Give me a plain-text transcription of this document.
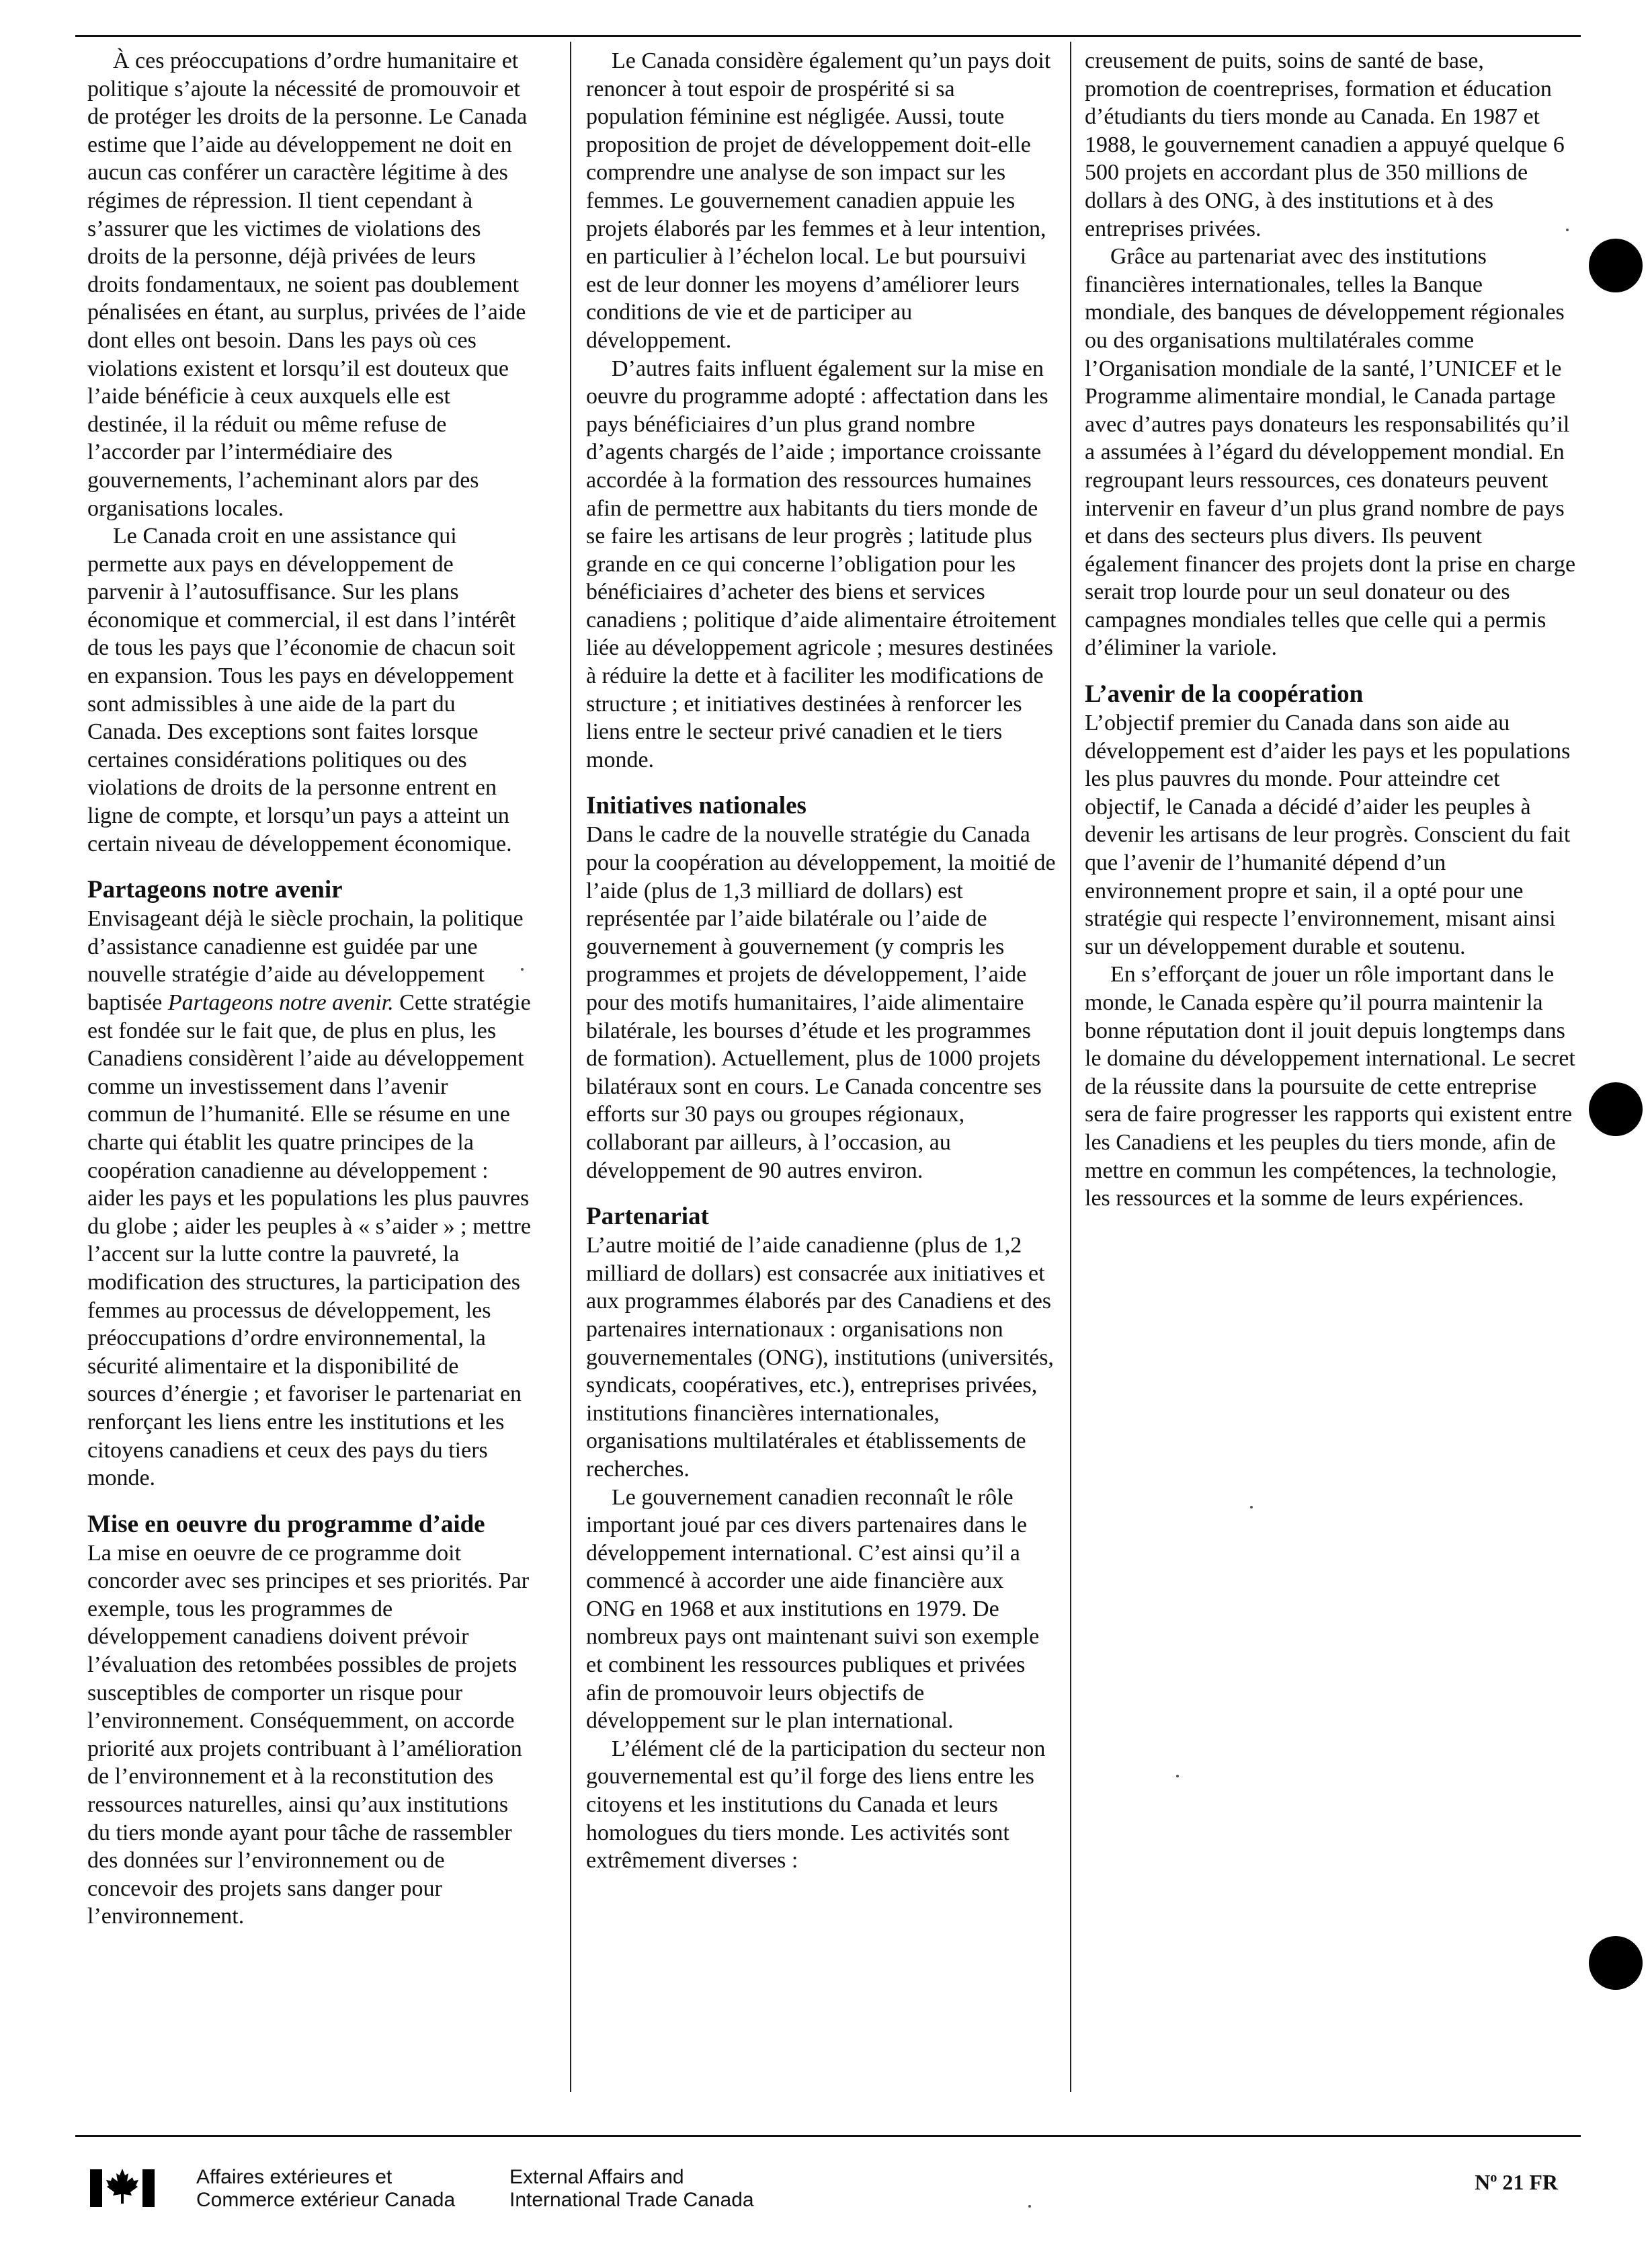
À ces préoccupations d’ordre humanitaire et politique s’ajoute la nécessité de promouvoir et de protéger les droits de la personne. Le Canada estime que l’aide au développement ne doit en aucun cas conférer un caractère légitime à des régimes de répression. Il tient cependant à s’assurer que les victimes de violations des droits de la personne, déjà privées de leurs droits fondamentaux, ne soient pas doublement pénalisées en étant, au surplus, privées de l’aide dont elles ont besoin. Dans les pays où ces violations existent et lorsqu’il est douteux que l’aide bénéficie à ceux auxquels elle est destinée, il la réduit ou même refuse de l’accorder par l’intermédiaire des gouvernements, l’acheminant alors par des organisations locales.

Le Canada croit en une assistance qui permette aux pays en développement de parvenir à l’autosuffisance. Sur les plans économique et commercial, il est dans l’intérêt de tous les pays que l’économie de chacun soit en expansion. Tous les pays en développement sont admissibles à une aide de la part du Canada. Des exceptions sont faites lorsque certaines considérations politiques ou des violations de droits de la personne entrent en ligne de compte, et lorsqu’un pays a atteint un certain niveau de développement économique.

Partageons notre avenir

Envisageant déjà le siècle prochain, la politique d’assistance canadienne est guidée par une nouvelle stratégie d’aide au développement baptisée Partageons notre avenir. Cette stratégie est fondée sur le fait que, de plus en plus, les Canadiens considèrent l’aide au développement comme un investissement dans l’avenir commun de l’humanité. Elle se résume en une charte qui établit les quatre principes de la coopération canadienne au développement : aider les pays et les populations les plus pauvres du globe ; aider les peuples à « s’aider » ; mettre l’accent sur la lutte contre la pauvreté, la modification des structures, la participation des femmes au processus de développement, les préoccupations d’ordre environnemental, la sécurité alimentaire et la disponibilité de sources d’énergie ; et favoriser le partenariat en renforçant les liens entre les institutions et les citoyens canadiens et ceux des pays du tiers monde.

Mise en oeuvre du programme d’aide

La mise en oeuvre de ce programme doit concorder avec ses principes et ses priorités. Par exemple, tous les programmes de développement canadiens doivent prévoir l’évaluation des retombées possibles de projets susceptibles de comporter un risque pour l’environnement. Conséquemment, on accorde priorité aux projets contribuant à l’amélioration de l’environnement et à la reconstitution des ressources naturelles, ainsi qu’aux institutions du tiers monde ayant pour tâche de rassembler des données sur l’environnement ou de concevoir des projets sans danger pour l’environnement.

Le Canada considère également qu’un pays doit renoncer à tout espoir de prospérité si sa population féminine est négligée. Aussi, toute proposition de projet de développement doit-elle comprendre une analyse de son impact sur les femmes. Le gouvernement canadien appuie les projets élaborés par les femmes et à leur intention, en particulier à l’échelon local. Le but poursuivi est de leur donner les moyens d’améliorer leurs conditions de vie et de participer au développement.

D’autres faits influent également sur la mise en oeuvre du programme adopté : affectation dans les pays bénéficiaires d’un plus grand nombre d’agents chargés de l’aide ; importance croissante accordée à la formation des ressources humaines afin de permettre aux habitants du tiers monde de se faire les artisans de leur progrès ; latitude plus grande en ce qui concerne l’obligation pour les bénéficiaires d’acheter des biens et services canadiens ; politique d’aide alimentaire étroitement liée au développement agricole ; mesures destinées à réduire la dette et à faciliter les modifications de structure ; et initiatives destinées à renforcer les liens entre le secteur privé canadien et le tiers monde.

Initiatives nationales

Dans le cadre de la nouvelle stratégie du Canada pour la coopération au développement, la moitié de l’aide (plus de 1,3 milliard de dollars) est représentée par l’aide bilatérale ou l’aide de gouvernement à gouvernement (y compris les programmes et projets de développement, l’aide pour des motifs humanitaires, l’aide alimentaire bilatérale, les bourses d’étude et les programmes de formation). Actuellement, plus de 1000 projets bilatéraux sont en cours. Le Canada concentre ses efforts sur 30 pays ou groupes régionaux, collaborant par ailleurs, à l’occasion, au développement de 90 autres environ.

Partenariat

L’autre moitié de l’aide canadienne (plus de 1,2 milliard de dollars) est consacrée aux initiatives et aux programmes élaborés par des Canadiens et des partenaires internationaux : organisations non gouvernementales (ONG), institutions (universités, syndicats, coopératives, etc.), entreprises privées, institutions financières internationales, organisations multilatérales et établissements de recherches.

Le gouvernement canadien reconnaît le rôle important joué par ces divers partenaires dans le développement international. C’est ainsi qu’il a commencé à accorder une aide financière aux ONG en 1968 et aux institutions en 1979. De nombreux pays ont maintenant suivi son exemple et combinent les ressources publiques et privées afin de promouvoir leurs objectifs de développement sur le plan international.

L’élément clé de la participation du secteur non gouvernemental est qu’il forge des liens entre les citoyens et les institutions du Canada et leurs homologues du tiers monde. Les activités sont extrêmement diverses :

creusement de puits, soins de santé de base, promotion de coentreprises, formation et éducation d’étudiants du tiers monde au Canada. En 1987 et 1988, le gouvernement canadien a appuyé quelque 6 500 projets en accordant plus de 350 millions de dollars à des ONG, à des institutions et à des entreprises privées.

Grâce au partenariat avec des institutions financières internationales, telles la Banque mondiale, des banques de développement régionales ou des organisations multilatérales comme l’Organisation mondiale de la santé, l’UNICEF et le Programme alimentaire mondial, le Canada partage avec d’autres pays donateurs les responsabilités qu’il a assumées à l’égard du développement mondial. En regroupant leurs ressources, ces donateurs peuvent intervenir en faveur d’un plus grand nombre de pays et dans des secteurs plus divers. Ils peuvent également financer des projets dont la prise en charge serait trop lourde pour un seul donateur ou des campagnes mondiales telles que celle qui a permis d’éliminer la variole.

L’avenir de la coopération

L’objectif premier du Canada dans son aide au développement est d’aider les pays et les populations les plus pauvres du monde. Pour atteindre cet objectif, le Canada a décidé d’aider les peuples à devenir les artisans de leur progrès. Conscient du fait que l’avenir de l’humanité dépend d’un environnement propre et sain, il a opté pour une stratégie qui respecte l’environnement, misant ainsi sur un développement durable et soutenu.

En s’efforçant de jouer un rôle important dans le monde, le Canada espère qu’il pourra maintenir la bonne réputation dont il jouit depuis longtemps dans le domaine du développement international. Le secret de la réussite dans la poursuite de cette entreprise sera de faire progresser les rapports qui existent entre les Canadiens et les peuples du tiers monde, afin de mettre en commun les compétences, la technologie, les ressources et la somme de leurs expériences.

Affaires extérieures et
Commerce extérieur Canada
External Affairs and
International Trade Canada
$N^o$ 21 FR
